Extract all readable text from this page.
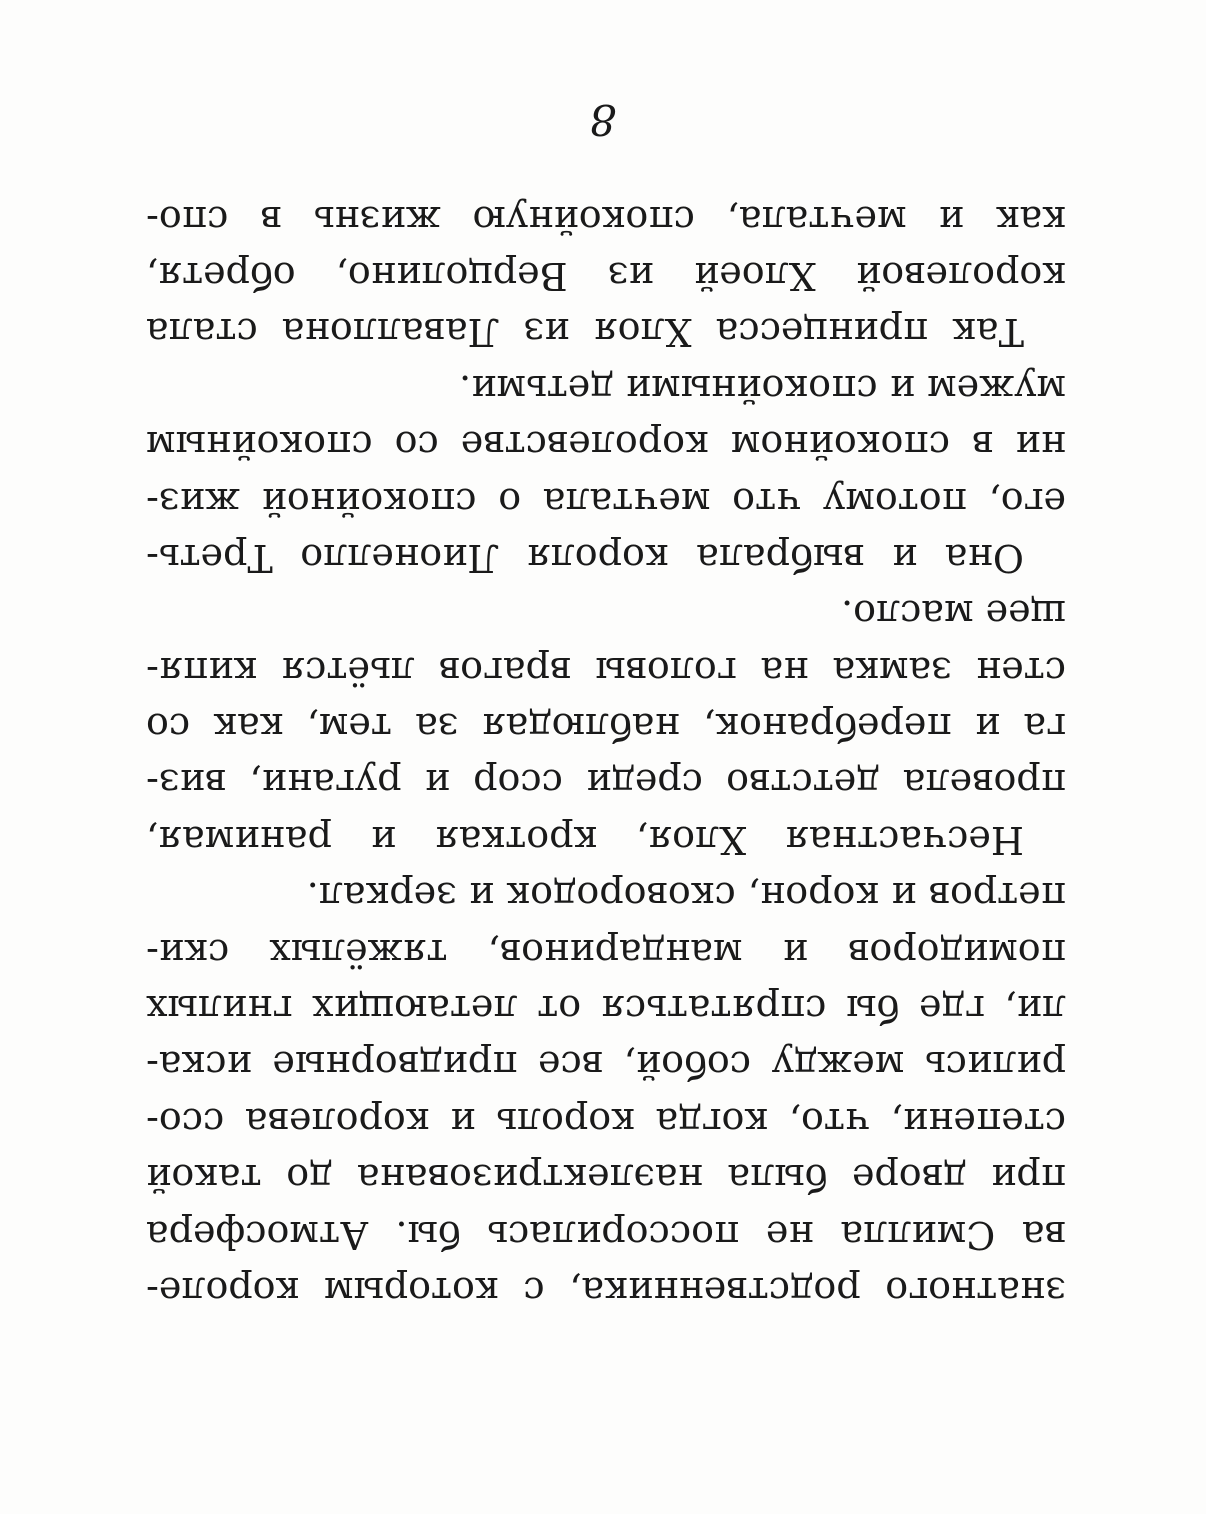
знатного родственника, с которым короле-
ва Смилла не поссорилась бы. Атмосфера
при дворе была наэлектризована до такой
степени, что, когда король и королева ссо-
рились между собой, все придворные иска-
ли, где бы спрятаться от летающих гнилых
помидоров и мандаринов, тяжёлых ски-
петров и корон, сковородок и зеркал.
Несчастная Хлоя, кроткая и ранимая,
провела детство среди ссор и ругани, виз-
га и перебранок, наблюдая за тем, как со
стен замка на головы врагов льётся кипя-
щее масло.
Она и выбрала короля Лионелло Треть-
его, потому что мечтала о спокойной жиз-
ни в спокойном королевстве со спокойным
мужем и спокойными детьми.
Так принцесса Хлоя из Лаваллона стала
королевой Хлоей из Верцолино, обретя,
как и мечтала, спокойную жизнь в спо-
8
